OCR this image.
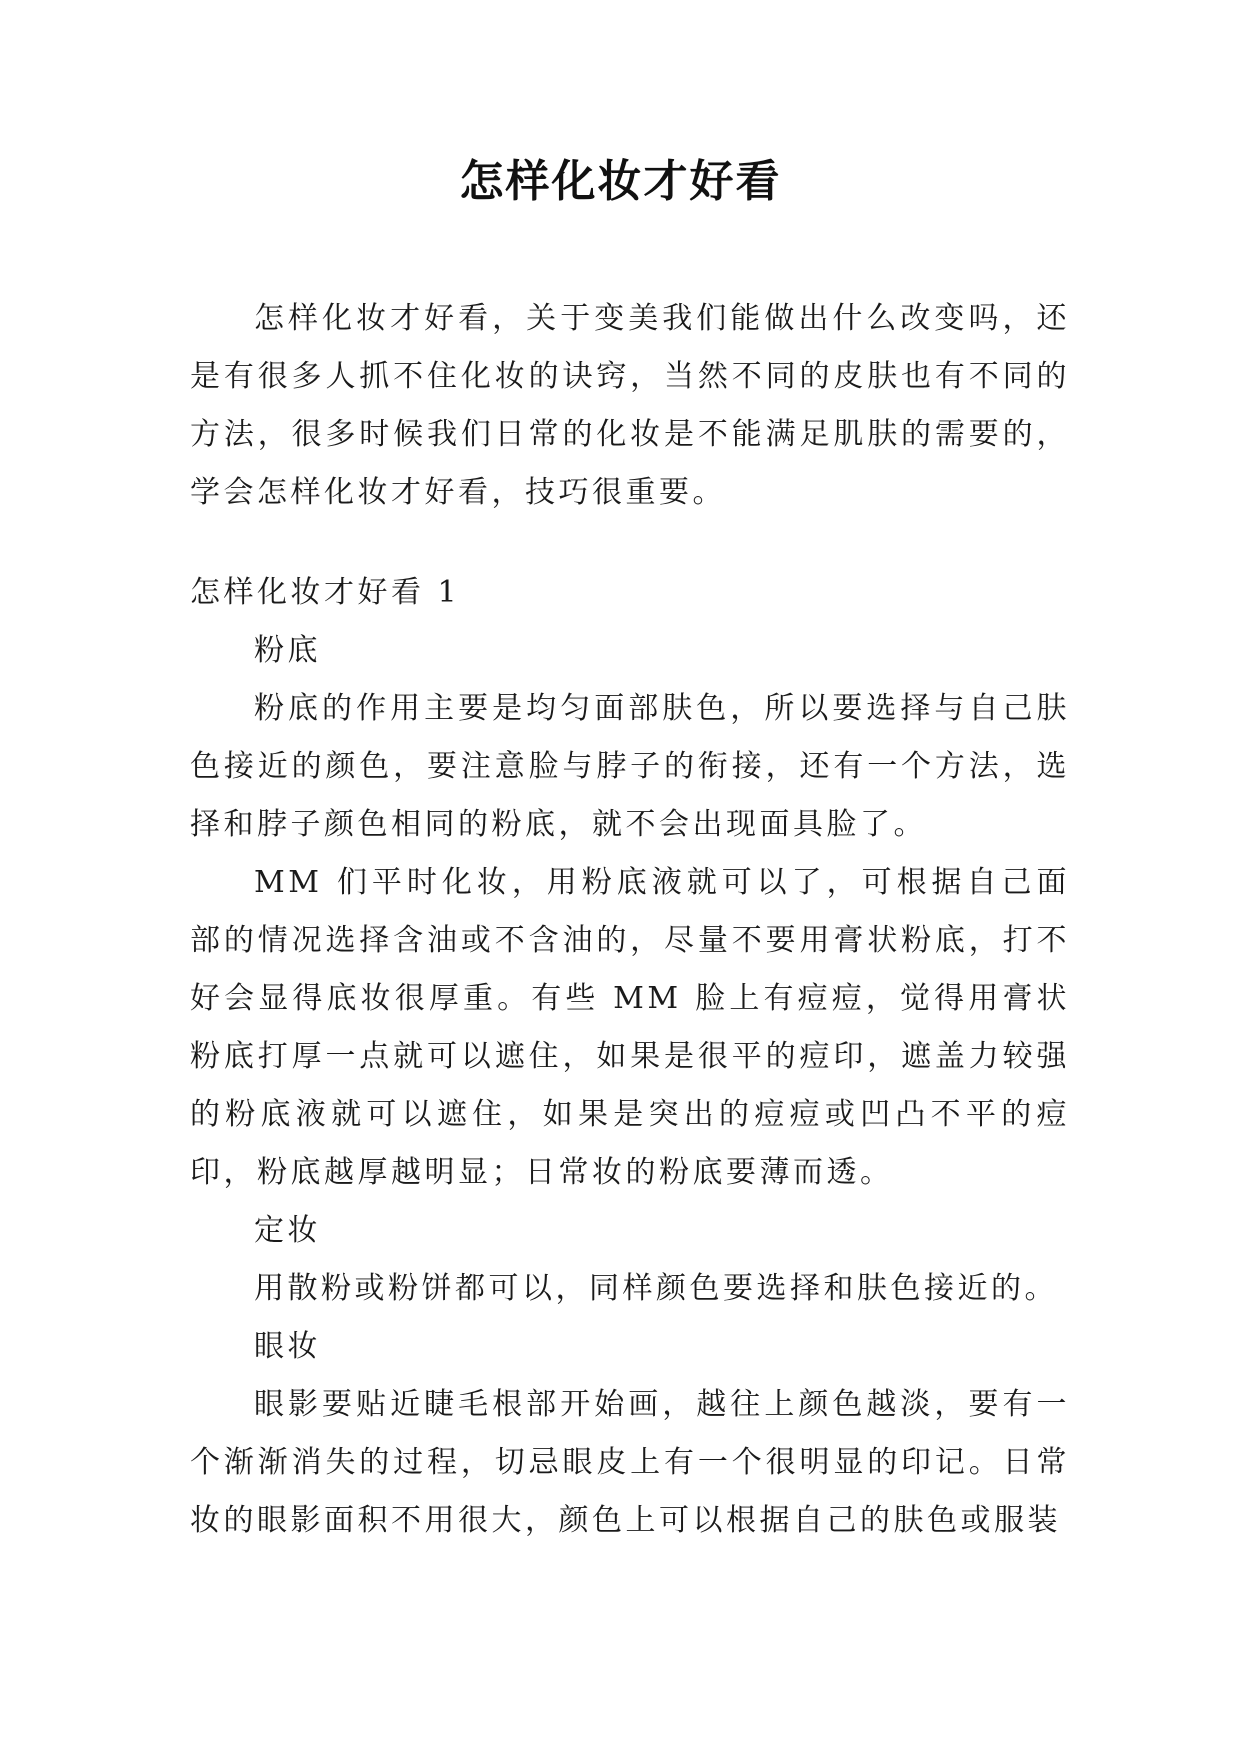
怎样化妆才好看

怎样化妆才好看，关于变美我们能做出什么改变吗，还是有很多人抓不住化妆的诀窍，当然不同的皮肤也有不同的方法，很多时候我们日常的化妆是不能满足肌肤的需要的，学会怎样化妆才好看，技巧很重要。

怎样化妆才好看 1

粉底

粉底的作用主要是均匀面部肤色，所以要选择与自己肤色接近的颜色，要注意脸与脖子的衔接，还有一个方法，选择和脖子颜色相同的粉底，就不会出现面具脸了。

MM 们平时化妆，用粉底液就可以了，可根据自己面部的情况选择含油或不含油的，尽量不要用膏状粉底，打不好会显得底妆很厚重。有些 MM 脸上有痘痘，觉得用膏状粉底打厚一点就可以遮住，如果是很平的痘印，遮盖力较强的粉底液就可以遮住，如果是突出的痘痘或凹凸不平的痘印，粉底越厚越明显；日常妆的粉底要薄而透。

定妆

用散粉或粉饼都可以，同样颜色要选择和肤色接近的。

眼妆

眼影要贴近睫毛根部开始画，越往上颜色越淡，要有一个渐渐消失的过程，切忌眼皮上有一个很明显的印记。日常妆的眼影面积不用很大，颜色上可以根据自己的肤色或服装
